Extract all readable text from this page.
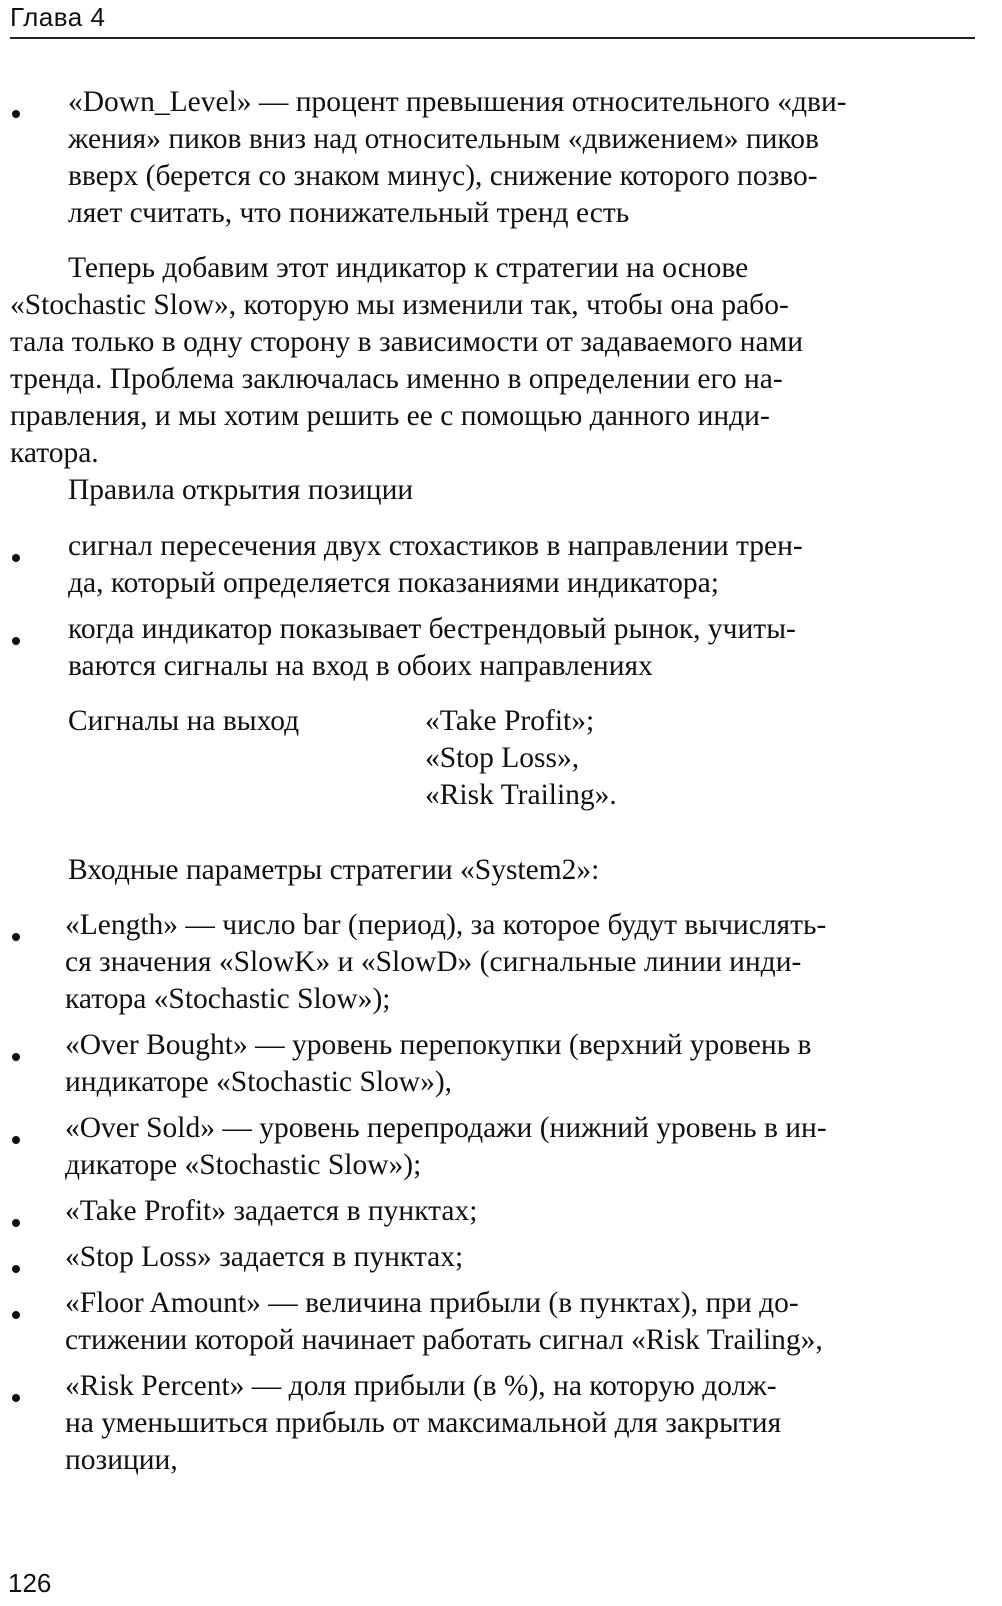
Глава 4
«Down_Level» — процент превышения относительного «дви-
жения» пиков вниз над относительным «движением» пиков
вверх (берется со знаком минус), снижение которого позво-
ляет считать, что понижательный тренд есть
Теперь добавим этот индикатор к стратегии на основе
«Stochastic Slow», которую мы изменили так, чтобы она рабо-
тала только в одну сторону в зависимости от задаваемого нами
тренда. Проблема заключалась именно в определении его на-
правления, и мы хотим решить ее с помощью данного инди-
катора.
Правила открытия позиции
сигнал пересечения двух стохастиков в направлении трен-
да, который определяется показаниями индикатора;
когда индикатор показывает бестрендовый рынок, учиты-
ваются сигналы на вход в обоих направлениях
Сигналы на выход	«Take Profit»;
«Stop Loss»,
«Risk Trailing».
Входные параметры стратегии «System2»:
«Length» — число bar (период), за которое будут вычислять-
ся значения «SlowK» и «SlowD» (сигнальные линии инди-
катора «Stochastic Slow»);
«Over Bought» — уровень перепокупки (верхний уровень в
индикаторе «Stochastic Slow»),
«Over Sold» — уровень перепродажи (нижний уровень в ин-
дикаторе «Stochastic Slow»);
«Take Profit» задается в пунктах;
«Stop Loss» задается в пунктах;
«Floor Amount» — величина прибыли (в пунктах), при до-
стижении которой начинает работать сигнал «Risk Trailing»,
«Risk Percent» — доля прибыли (в %), на которую долж-
на уменьшиться прибыль от максимальной для закрытия
позиции,
126
